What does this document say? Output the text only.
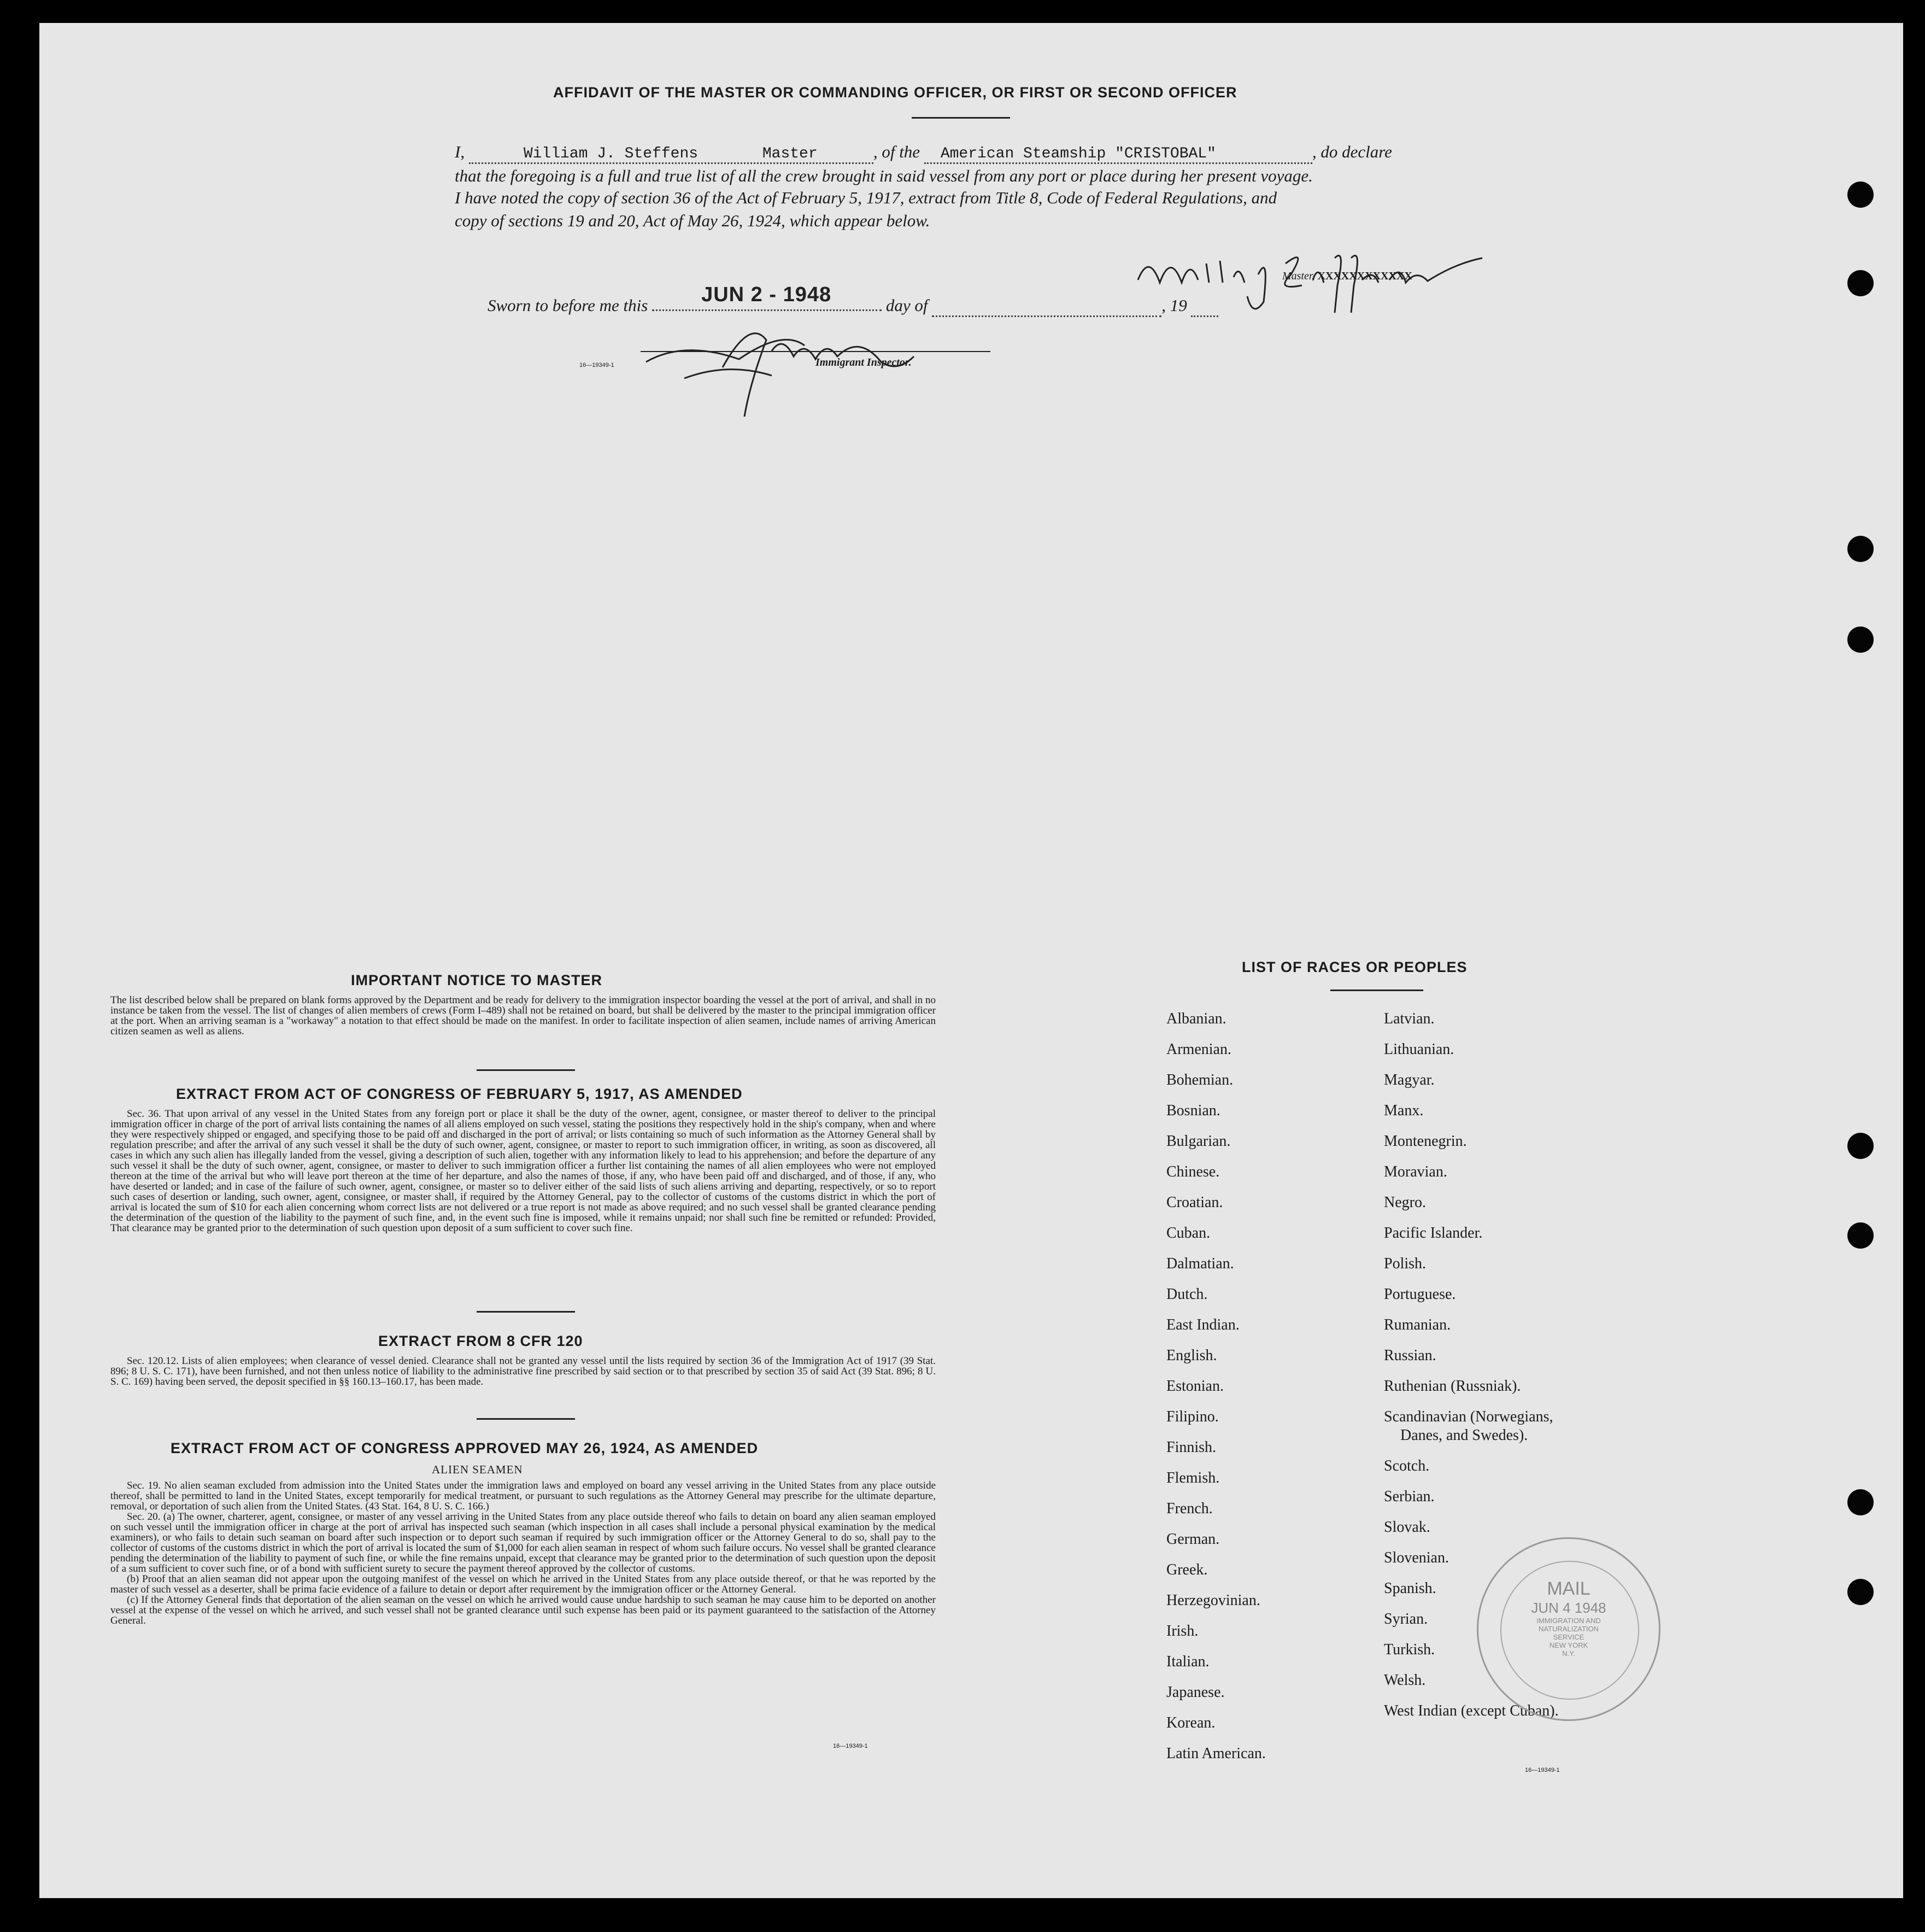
AFFIDAVIT OF THE MASTER OR COMMANDING OFFICER, OR FIRST OR SECOND OFFICER
I,	William J. Steffens	Master	, of the American Steamship "CRISTOBAL"	, do declare
that the foregoing is a full and true list of all the crew brought in said vessel from any port or place during her present voyage.
I have noted the copy of section 36 of the Act of February 5, 1917, extract from Title 8, Code of Federal Regulations, and
copy of sections 19 and 20, Act of May 26, 1924, which appear below.
Master, XXXXXXXXXXXX
Sworn to before me this	JUN 2 - 1948	day of	, 19
Immigrant Inspector.
16—19349-1
IMPORTANT NOTICE TO MASTER
The list described below shall be prepared on blank forms approved by the Department and be ready for delivery to the immigration inspector boarding the vessel at the port of arrival, and shall in no instance be taken from the vessel. The list of changes of alien members of crews (Form I–489) shall not be retained on board, but shall be delivered by the master to the principal immigration officer at the port. When an arriving seaman is a "workaway" a notation to that effect should be made on the manifest. In order to facilitate inspection of alien seamen, include names of arriving American citizen seamen as well as aliens.
EXTRACT FROM ACT OF CONGRESS OF FEBRUARY 5, 1917, AS AMENDED
Sec. 36. That upon arrival of any vessel in the United States from any foreign port or place it shall be the duty of the owner, agent, consignee, or master thereof to deliver to the principal immigration officer in charge of the port of arrival lists containing the names of all aliens employed on such vessel, stating the positions they respectively hold in the ship's company, when and where they were respectively shipped or engaged, and specifying those to be paid off and discharged in the port of arrival; or lists containing so much of such information as the Attorney General shall by regulation prescribe; and after the arrival of any such vessel it shall be the duty of such owner, agent, consignee, or master to report to such immigration officer, in writing, as soon as discovered, all cases in which any such alien has illegally landed from the vessel, giving a description of such alien, together with any information likely to lead to his apprehension; and before the departure of any such vessel it shall be the duty of such owner, agent, consignee, or master to deliver to such immigration officer a further list containing the names of all alien employees who were not employed thereon at the time of the arrival but who will leave port thereon at the time of her departure, and also the names of those, if any, who have been paid off and discharged, and of those, if any, who have deserted or landed; and in case of the failure of such owner, agent, consignee, or master so to deliver either of the said lists of such aliens arriving and departing, respectively, or so to report such cases of desertion or landing, such owner, agent, consignee, or master shall, if required by the Attorney General, pay to the collector of customs of the customs district in which the port of arrival is located the sum of $10 for each alien concerning whom correct lists are not delivered or a true report is not made as above required; and no such vessel shall be granted clearance pending the determination of the question of the liability to the payment of such fine, and, in the event such fine is imposed, while it remains unpaid; nor shall such fine be remitted or refunded: Provided, That clearance may be granted prior to the determination of such question upon deposit of a sum sufficient to cover such fine.
EXTRACT FROM 8 CFR 120
Sec. 120.12. Lists of alien employees; when clearance of vessel denied. Clearance shall not be granted any vessel until the lists required by section 36 of the Immigration Act of 1917 (39 Stat. 896; 8 U. S. C. 171), have been furnished, and not then unless notice of liability to the administrative fine prescribed by said section or to that prescribed by section 35 of said Act (39 Stat. 896; 8 U. S. C. 169) having been served, the deposit specified in §§ 160.13–160.17, has been made.
EXTRACT FROM ACT OF CONGRESS APPROVED MAY 26, 1924, AS AMENDED
ALIEN SEAMEN
Sec. 19. No alien seaman excluded from admission into the United States under the immigration laws and employed on board any vessel arriving in the United States from any place outside thereof, shall be permitted to land in the United States, except temporarily for medical treatment, or pursuant to such regulations as the Attorney General may prescribe for the ultimate departure, removal, or deportation of such alien from the United States. (43 Stat. 164, 8 U. S. C. 166.)
Sec. 20. (a) The owner, charterer, agent, consignee, or master of any vessel arriving in the United States from any place outside thereof who fails to detain on board any alien seaman employed on such vessel until the immigration officer in charge at the port of arrival has inspected such seaman (which inspection in all cases shall include a personal physical examination by the medical examiners), or who fails to detain such seaman on board after such inspection or to deport such seaman if required by such immigration officer or the Attorney General to do so, shall pay to the collector of customs of the customs district in which the port of arrival is located the sum of $1,000 for each alien seaman in respect of whom such failure occurs. No vessel shall be granted clearance pending the determination of the liability to payment of such fine, or while the fine remains unpaid, except that clearance may be granted prior to the determination of such question upon the deposit of a sum sufficient to cover such fine, or of a bond with sufficient surety to secure the payment thereof approved by the collector of customs.
(b) Proof that an alien seaman did not appear upon the outgoing manifest of the vessel on which he arrived in the United States from any place outside thereof, or that he was reported by the master of such vessel as a deserter, shall be prima facie evidence of a failure to detain or deport after requirement by the immigration officer or the Attorney General.
(c) If the Attorney General finds that deportation of the alien seaman on the vessel on which he arrived would cause undue hardship to such seaman he may cause him to be deported on another vessel at the expense of the vessel on which he arrived, and such vessel shall not be granted clearance until such expense has been paid or its payment guaranteed to the satisfaction of the Attorney General.
16—19349-1
LIST OF RACES OR PEOPLES
Albanian.
Armenian.
Bohemian.
Bosnian.
Bulgarian.
Chinese.
Croatian.
Cuban.
Dalmatian.
Dutch.
East Indian.
English.
Estonian.
Filipino.
Finnish.
Flemish.
French.
German.
Greek.
Herzegovinian.
Irish.
Italian.
Japanese.
Korean.
Latin American.
Latvian.
Lithuanian.
Magyar.
Manx.
Montenegrin.
Moravian.
Negro.
Pacific Islander.
Polish.
Portuguese.
Rumanian.
Russian.
Ruthenian (Russniak).
Scandinavian (Norwegians,
Danes, and Swedes).
Scotch.
Serbian.
Slovak.
Slovenian.
Spanish.
Syrian.
Turkish.
Welsh.
West Indian (except Cuban).
16—19349-1
MAIL
JUN 4 1948
IMMIGRATION AND
NATURALIZATION
SERVICE
NEW YORK
N.Y.
